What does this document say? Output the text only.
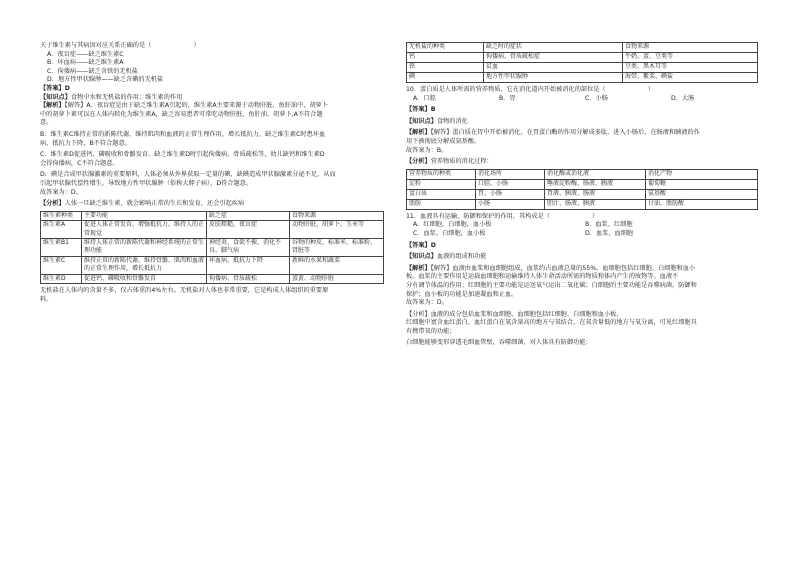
关于维生素与其病因对应关系正确的是（	）

A．夜盲症——缺乏维生素C

B．坏血病——缺乏维生素A

C．佝偻病——缺乏含铁的无机盐

D．地方性甲状腺肿——缺乏含碘的无机盐

【答案】D

【知识点】食物中水和无机盐的作用；维生素的作用

【解析】【解答】A．夜盲症是由于缺乏维生素A引起的，维生素A主要来源于动物肝脏、鱼肝油中，胡萝卜

中的胡萝卜素可以在人体内转化为维生素A，缺乏容易患者可常吃动物肝脏、鱼肝油、胡萝卜,A不符合题

意。

B．维生素C维持正常的新陈代谢，维持肌肉和血液的正常生理作用，增长抵抗力，缺乏维生素C时患坏血

病、抵抗力下降，B不符合题意。

C．维生素D促进钙、磷吸收和骨骼发育，缺乏维生素D时引起佝偻病、骨质疏松等，幼儿缺钙和维生素D

会得佝偻病，C不符合题意。

D．碘是合成甲状腺激素的重要原料，人体必须从外界获取一定量的碘，缺碘造成甲状腺激素分泌不足，从而

引起甲状腺代偿性增生，导致地方性甲状腺肿（俗称大脖子病），D符合题意。

故答案为：D。

【分析】人体一旦缺乏维生素，就会影响正常的生长和发育，还会引起疾病

维生素种类	主要功能	缺乏症	食物来源
维生素A	促进人体正常发育，增强抵抗力，维持人的正常视觉	皮肤粗糙、夜盲症	动物肝脏、胡萝卜、玉米等
维生素B1	维持人体正常的新陈代谢和神经系统的正常生理功能	神经炎、食欲不振、消化不良、脚气病	谷物的种皮、标准米、标准粉、肾脏等
维生素C	维持正常的新陈代谢，维持骨骼、肌肉和血液的正常生理作用，增长抵抗力	坏血病、抵抗力下降	新鲜的水果和蔬菜
维生素D	促进钙、磷吸收和骨骼发育	佝偻病、骨质疏松	蛋黄、动物肝脏

无机盐在人体内的含量不多，仅占体重的4%左右。无机盐对人体也非常重要，它是构成人体组织的重要原

料。

无机盐的种类	缺乏时的症状	食物来源
钙	佝偻病、骨质疏松症	牛奶、蛋、豆类等
铁	贫血	豆类、黑木耳等
碘	地方性甲状腺肿	海带、紫菜、碘盐

10．蛋白质是人体所需的营养物质，它在消化道内开始被消化的部位是（	）

A．口腔	B．胃	C．小肠	D．大肠

【答案】B

【知识点】食物的消化

【解析】【解答】蛋白质在胃中开始被消化，在胃蛋白酶的作用分解成多肽，进入小肠后，在肠液和胰液的作

用下被彻底分解成氨基酸。

故答案为：B。

【分析】营养物质的消化过程：

营养物质的种类	消化场所	消化酶或消化液	消化产物
淀粉	口腔、小肠	唾液淀粉酶、肠液、胰液	葡萄糖
蛋白质	胃、小肠	胃液、胰液、肠液	氨基酸
脂肪	小肠	胆汁、肠液、胰液	甘油、脂肪酸

11．血液具有运输、防御和保护的作用，其构成是（	）

A．红细胞，白细胞，血小板	B．血浆、红细胞

C．血浆、白细胞，血小板	D．血浆，血细胞

【答案】D

【知识点】血液的组成和功能

【解析】【解答】血液由血浆和血细胞组成，血浆约占血液总量的55%，血细胞包括红细胞、白细胞和血小

板。血浆的主要作用是运载血细胞和运输维持人体生命活动所需的物质和体内产生的废物等。血液不

分有调节体温的作用；红细胞的主要功能是运送氧气运出二氧化碳；白细胞的主要功能是吞噬病菌，防御和

保护；血小板的功能是加速凝血和止血。

故答案为：D。

【分析】血液的成分包括血浆和血细胞，血细胞包括红细胞、白细胞和血小板。

红细胞中富含血红蛋白，血红蛋白在氧含量高的地方与氧结合，在氧含量低的地方与氧分离，可见红细胞具

有携带氧的功能；

白细胞能够变形穿透毛细血管壁，吞噬细菌，对人体具有防御功能；
